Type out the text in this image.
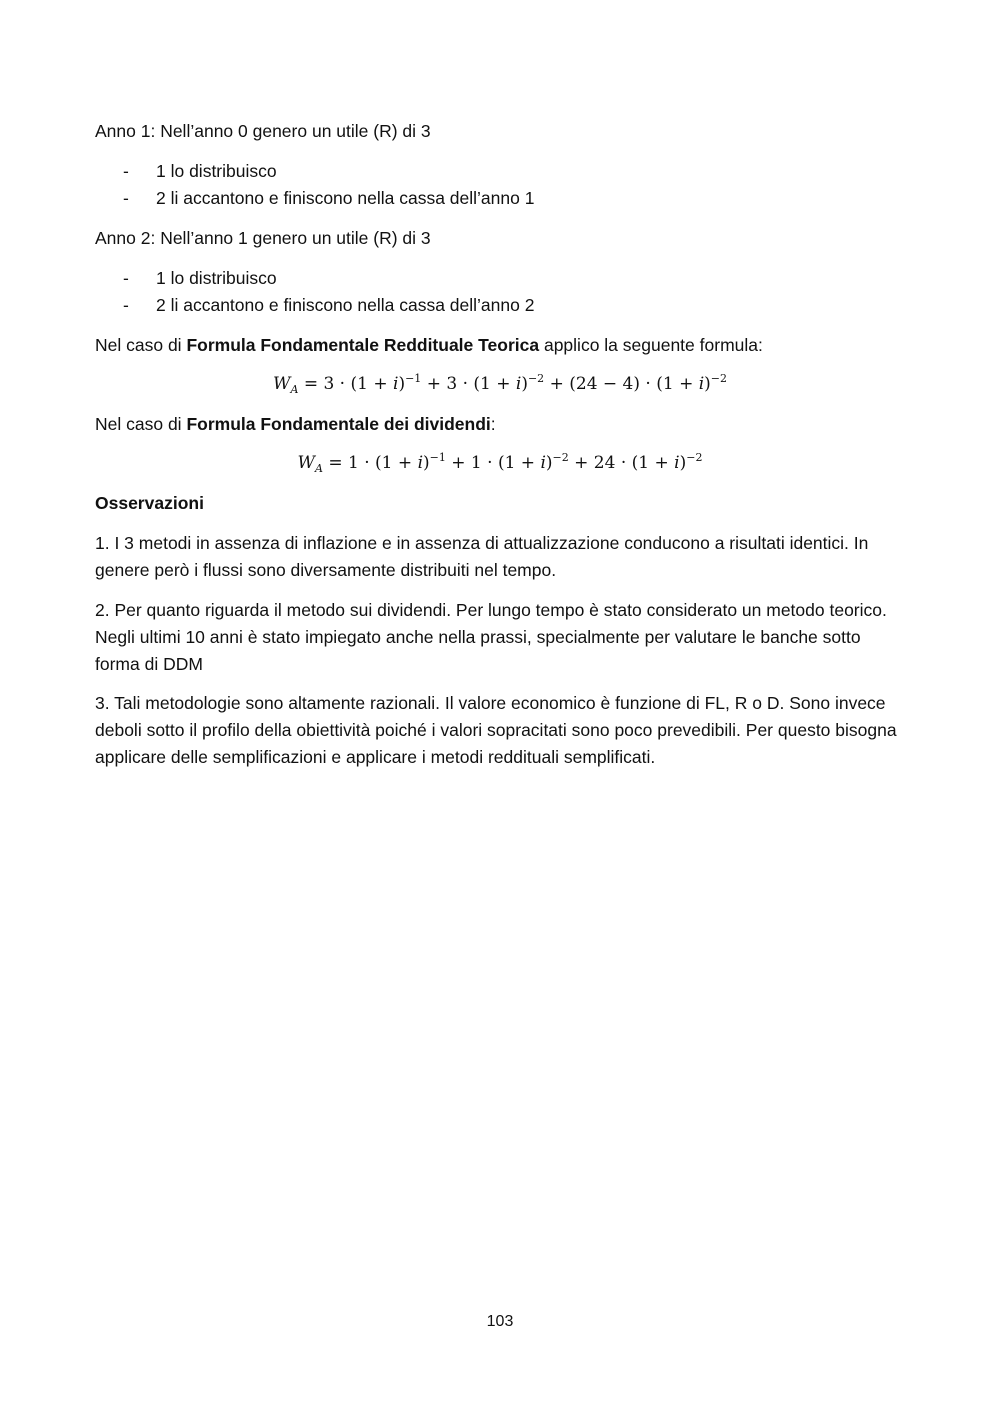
Anno 1: Nell’anno 0 genero un utile (R) di 3

- 1 lo distribuisco

- 2 li accantono e finiscono nella cassa dell’anno 1

Anno 2: Nell’anno 1 genero un utile (R) di 3

- 1 lo distribuisco

- 2 li accantono e finiscono nella cassa dell’anno 2

Nel caso di Formula Fondamentale Reddituale Teorica applico la seguente formula:

$W_A = 3 \cdot (1 + i)^{-1} + 3 \cdot (1 + i)^{-2} + (24 - 4) \cdot (1 + i)^{-2}$

Nel caso di Formula Fondamentale dei dividendi:

$W_A = 1 \cdot (1 + i)^{-1} + 1 \cdot (1 + i)^{-2} + 24 \cdot (1 + i)^{-2}$

Osservazioni

1. I 3 metodi in assenza di inflazione e in assenza di attualizzazione conducono a risultati identici. In genere però i flussi sono diversamente distribuiti nel tempo.

2. Per quanto riguarda il metodo sui dividendi. Per lungo tempo è stato considerato un metodo teorico. Negli ultimi 10 anni è stato impiegato anche nella prassi, specialmente per valutare le banche sotto forma di DDM

3. Tali metodologie sono altamente razionali. Il valore economico è funzione di FL, R o D. Sono invece deboli sotto il profilo della obiettività poiché i valori sopracitati sono poco prevedibili. Per questo bisogna applicare delle semplificazioni e applicare i metodi reddituali semplificati.

103
